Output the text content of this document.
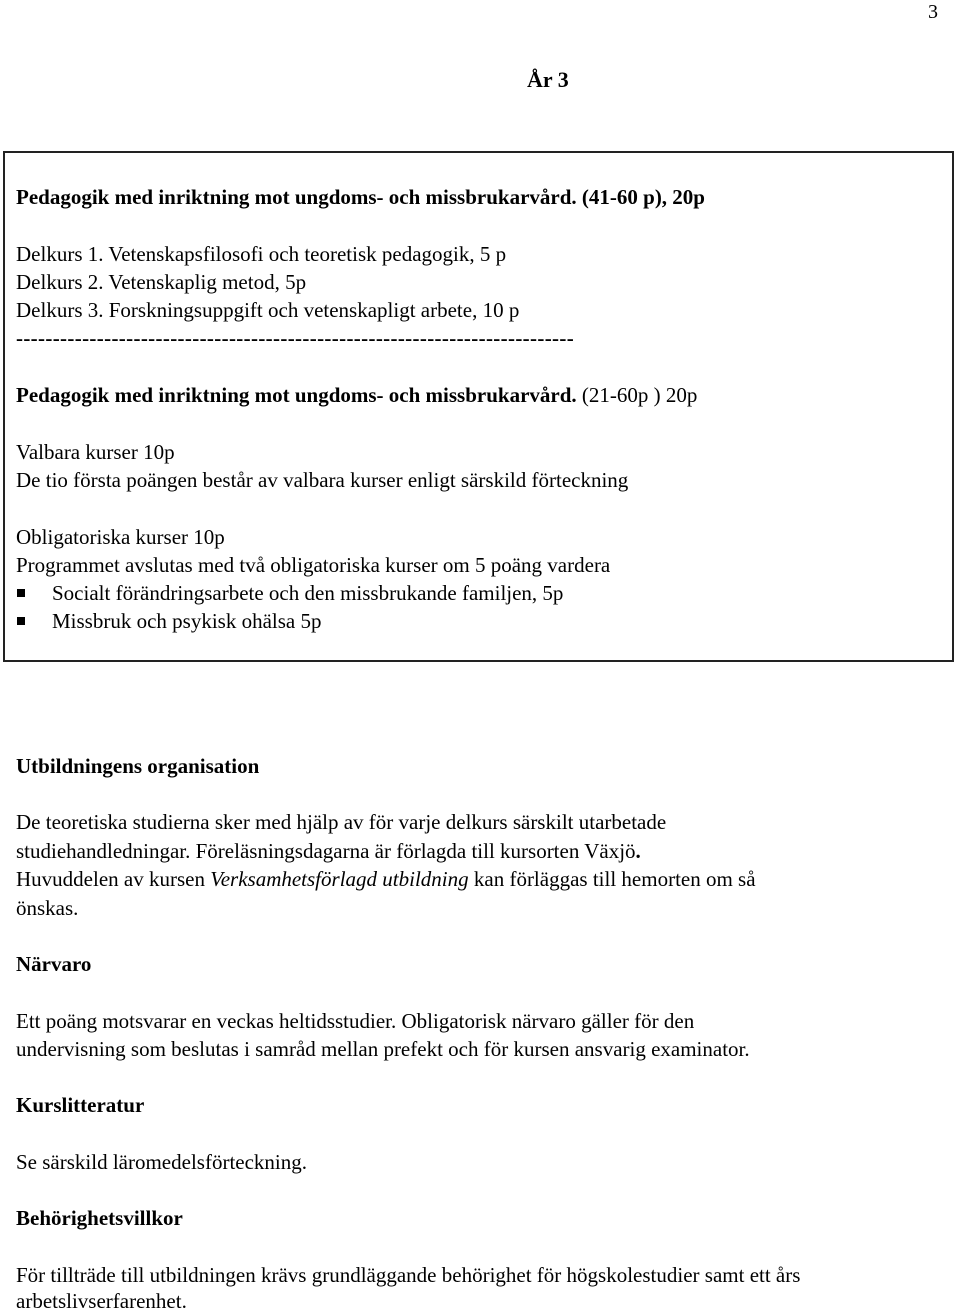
3
År 3
Pedagogik med inriktning mot ungdoms- och missbrukarvård. (41-60 p), 20p
Delkurs 1. Vetenskapsfilosofi och teoretisk pedagogik, 5 p
Delkurs 2. Vetenskaplig metod, 5p
Delkurs 3. Forskningsuppgift och vetenskapligt arbete, 10 p
----------------------------------------------------------------------------
Pedagogik med inriktning mot ungdoms- och missbrukarvård. (21-60p ) 20p
Valbara kurser 10p
De tio första poängen består av valbara kurser enligt särskild förteckning
Obligatoriska kurser 10p
Programmet avslutas med två obligatoriska kurser om 5 poäng vardera
Socialt förändringsarbete och den missbrukande familjen, 5p
Missbruk och psykisk ohälsa 5p
Utbildningens organisation
De teoretiska studierna sker med hjälp av för varje delkurs särskilt utarbetade
studiehandledningar. Föreläsningsdagarna är förlagda till kursorten Växjö.
Huvuddelen av kursen Verksamhetsförlagd utbildning kan förläggas till hemorten om så
önskas.
Närvaro
Ett poäng motsvarar en veckas heltidsstudier. Obligatorisk närvaro gäller för den
undervisning som beslutas i samråd mellan prefekt och för kursen ansvarig examinator.
Kurslitteratur
Se särskild läromedelsförteckning.
Behörighetsvillkor
För tillträde till utbildningen krävs grundläggande behörighet för högskolestudier samt ett års
arbetslivserfarenhet.
